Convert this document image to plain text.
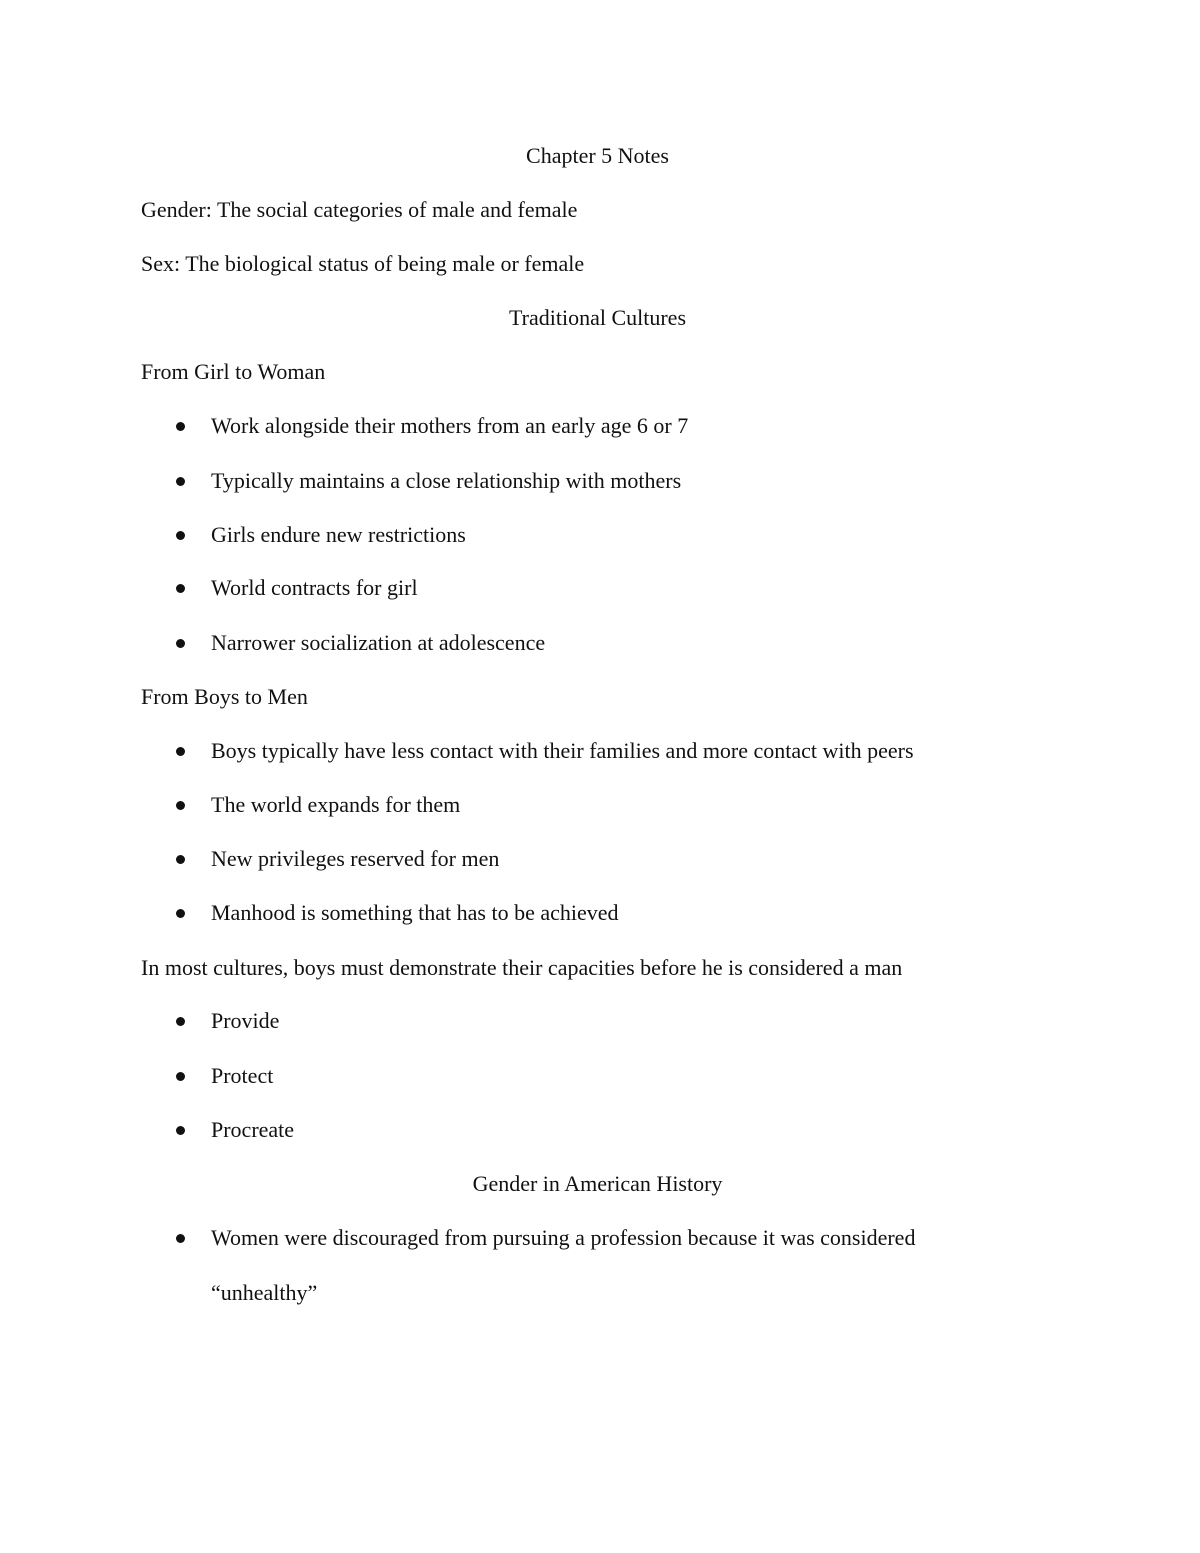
Chapter 5 Notes
Gender: The social categories of male and female
Sex: The biological status of being male or female
Traditional Cultures
From Girl to Woman
Work alongside their mothers from an early age 6 or 7
Typically maintains a close relationship with mothers
Girls endure new restrictions
World contracts for girl
Narrower socialization at adolescence
From Boys to Men
Boys typically have less contact with their families and more contact with peers
The world expands for them
New privileges reserved for men
Manhood is something that has to be achieved
In most cultures, boys must demonstrate their capacities before he is considered a man
Provide
Protect
Procreate
Gender in American History
Women were discouraged from pursuing a profession because it was considered
“unhealthy”
